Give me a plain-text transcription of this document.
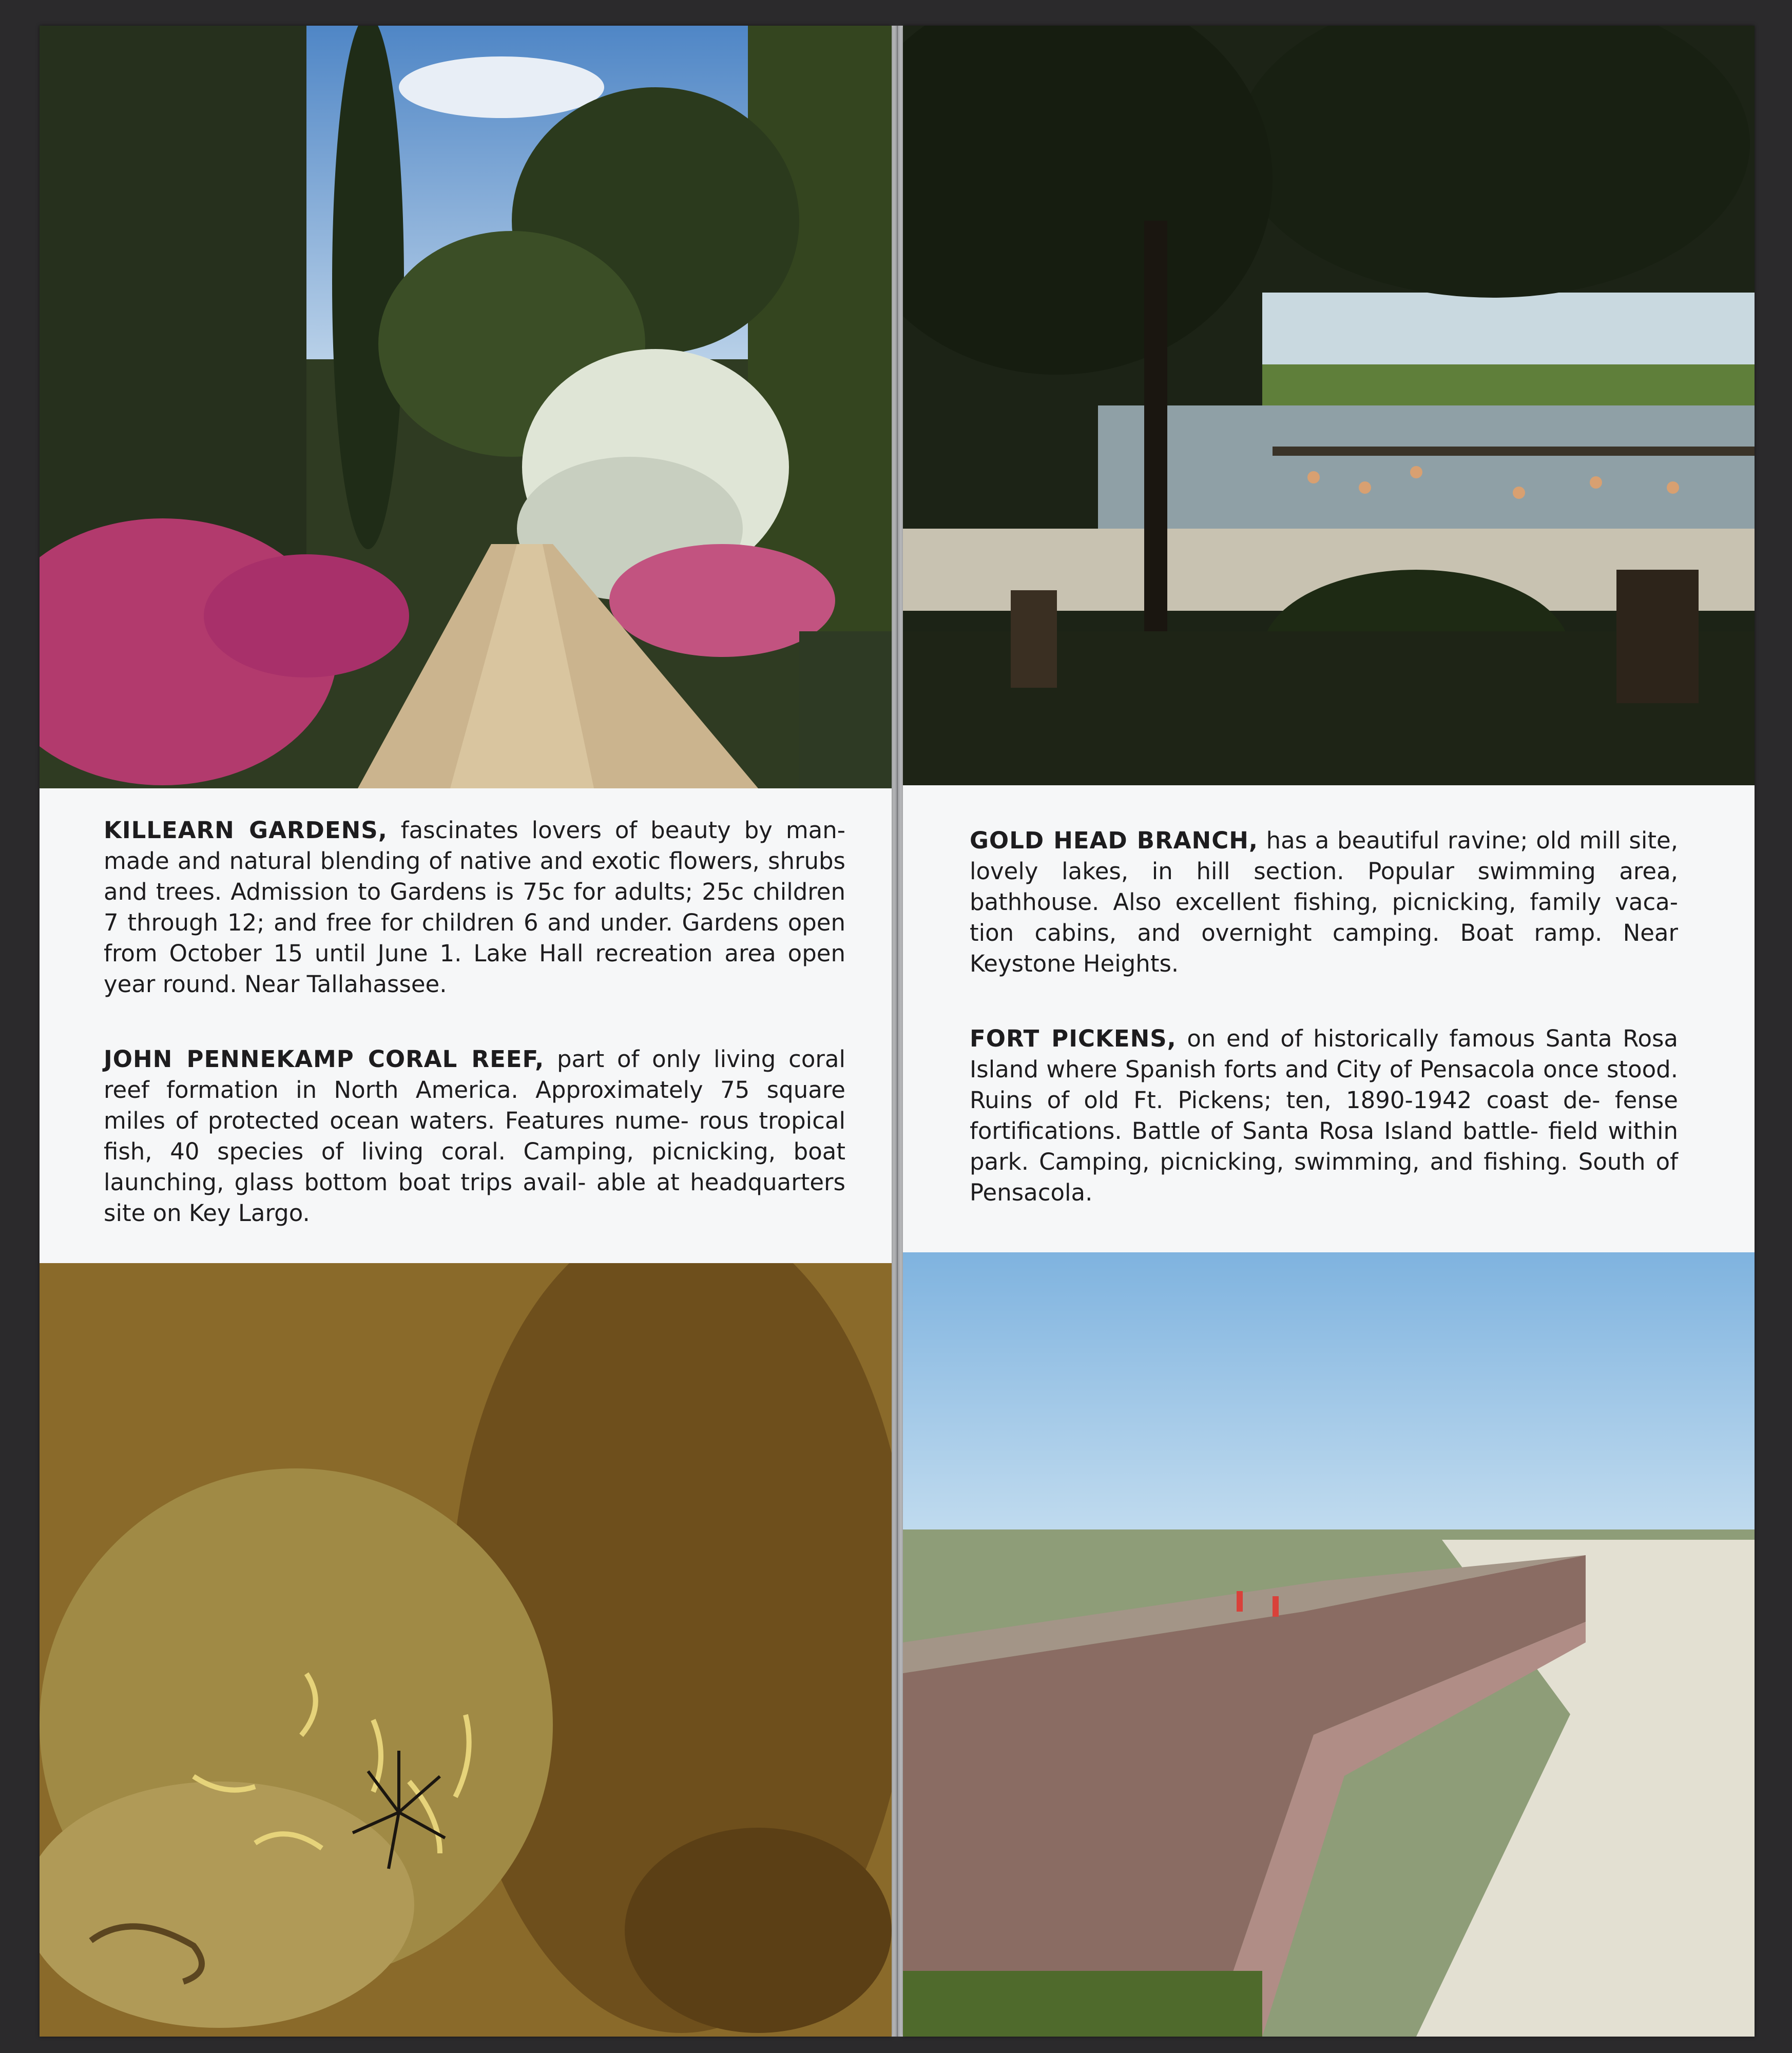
KILLEARN GARDENS, fascinates lovers of beauty by man- made and natural blending of native and exotic flowers, shrubs and trees. Admission to Gardens is 75c for adults; 25c children 7 through 12; and free for children 6 and under. Gardens open from October 15 until June 1. Lake Hall recreation area open year round. Near Tallahassee.

JOHN PENNEKAMP CORAL REEF, part of only living coral reef formation in North America. Approximately 75 square miles of protected ocean waters. Features nume- rous tropical fish, 40 species of living coral. Camping, picnicking, boat launching, glass bottom boat trips avail- able at headquarters site on Key Largo.

GOLD HEAD BRANCH, has a beautiful ravine; old mill site, lovely lakes, in hill section. Popular swimming area, bathhouse. Also excellent fishing, picnicking, family vaca- tion cabins, and overnight camping. Boat ramp. Near Keystone Heights.

FORT PICKENS, on end of historically famous Santa Rosa Island where Spanish forts and City of Pensacola once stood. Ruins of old Ft. Pickens; ten, 1890-1942 coast de- fense fortifications. Battle of Santa Rosa Island battle- field within park. Camping, picnicking, swimming, and fishing. South of Pensacola.
